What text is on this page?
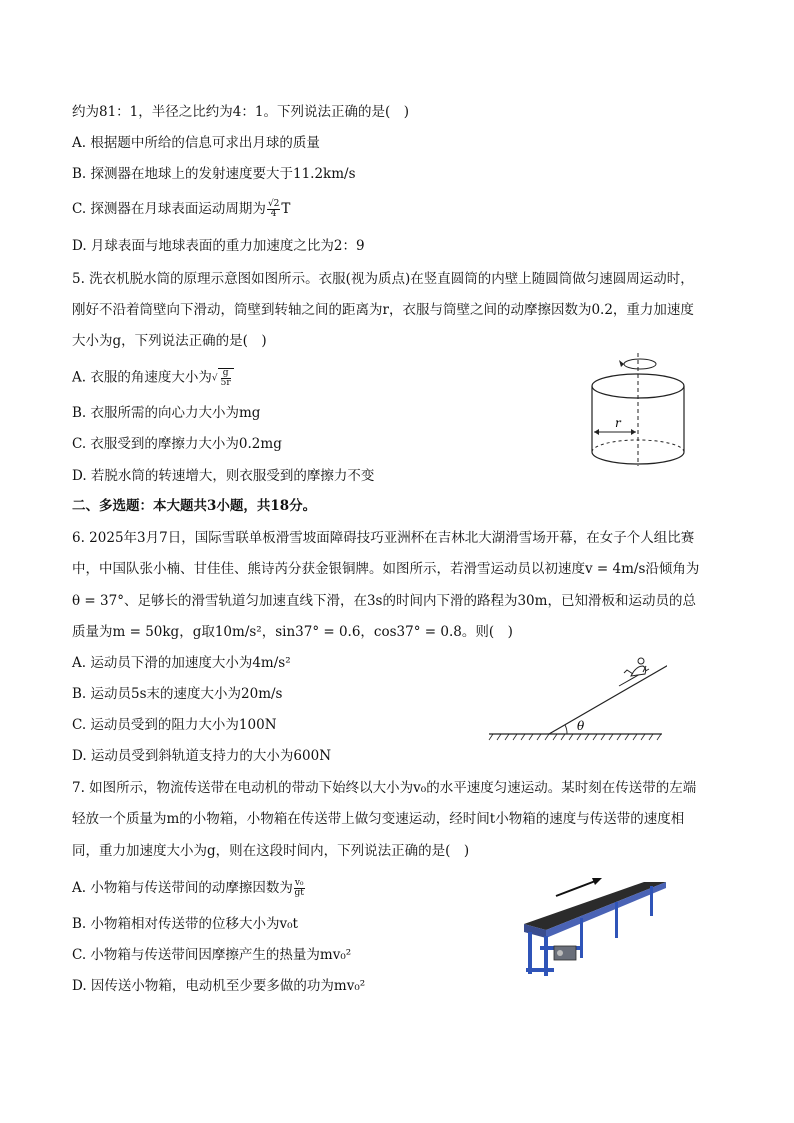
约为81：1，半径之比约为4：1。下列说法正确的是(　)
A. 根据题中所给的信息可求出月球的质量
B. 探测器在地球上的发射速度要大于11.2km/s
C. 探测器在月球表面运动周期为 $\frac{√2}{4}$ T
D. 月球表面与地球表面的重力加速度之比为2：9
5. 洗衣机脱水筒的原理示意图如图所示。衣服(视为质点)在竖直圆筒的内壁上随圆筒做匀速圆周运动时，
刚好不沿着筒壁向下滑动，筒壁到转轴之间的距离为r，衣服与筒壁之间的动摩擦因数为0.2，重力加速度
大小为g，下列说法正确的是(　)
A. 衣服的角速度大小为√ $\frac{g}{5r}$
B. 衣服所需的向心力大小为mg
C. 衣服受到的摩擦力大小为0.2mg
D. 若脱水筒的转速增大，则衣服受到的摩擦力不变
r
二、多选题：本大题共3小题，共18分。
6. 2025年3月7日，国际雪联单板滑雪坡面障碍技巧亚洲杯在吉林北大湖滑雪场开幕，在女子个人组比赛
中，中国队张小楠、甘佳佳、熊诗芮分获金银铜牌。如图所示，若滑雪运动员以初速度v = 4m/s沿倾角为
θ = 37°、足够长的滑雪轨道匀加速直线下滑，在3s的时间内下滑的路程为30m，已知滑板和运动员的总
质量为m = 50kg，g取10m/s²，sin37° = 0.6，cos37° = 0.8。则(　)
A. 运动员下滑的加速度大小为4m/s²
B. 运动员5s末的速度大小为20m/s
C. 运动员受到的阻力大小为100N
D. 运动员受到斜轨道支持力的大小为600N
θ
7. 如图所示，物流传送带在电动机的带动下始终以大小为v₀的水平速度匀速运动。某时刻在传送带的左端
轻放一个质量为m的小物箱，小物箱在传送带上做匀变速运动，经时间t小物箱的速度与传送带的速度相
同，重力加速度大小为g，则在这段时间内，下列说法正确的是(　)
A. 小物箱与传送带间的动摩擦因数为 $\frac{\text{v₀}}{gt}$
B. 小物箱相对传送带的位移大小为v₀t
C. 小物箱与传送带间因摩擦产生的热量为mv₀²
D. 因传送小物箱，电动机至少要多做的功为mv₀²
